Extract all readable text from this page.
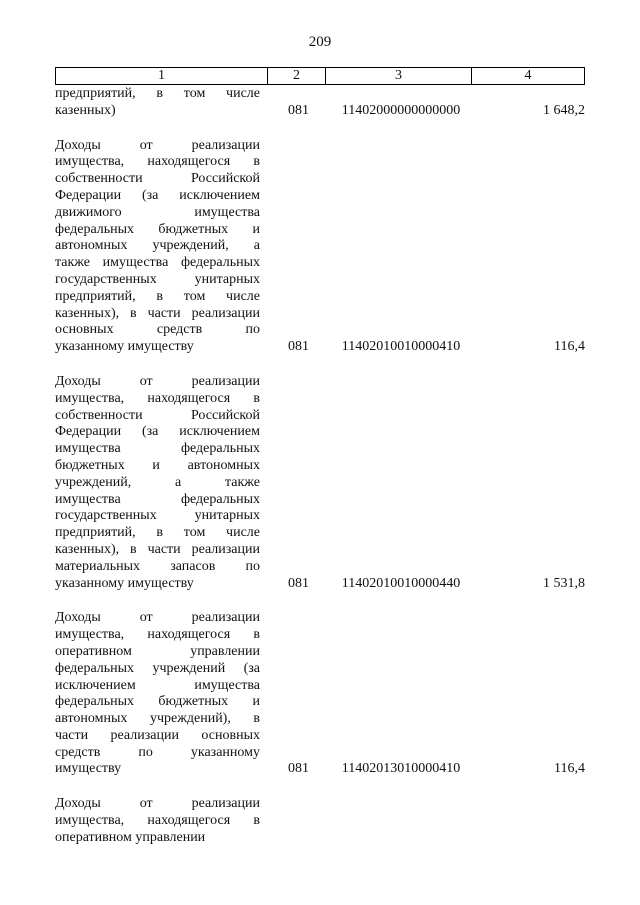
209
1	2	3	4
предприятий, в том числе
казенных)	081	11402000000000000	1 648,2
Доходы от реализации
имущества, находящегося в
собственности Российской
Федерации (за исключением
движимого имущества
федеральных бюджетных и
автономных учреждений, а
также имущества федеральных
государственных унитарных
предприятий, в том числе
казенных), в части реализации
основных средств по
указанному имуществу	081	11402010010000410	116,4
Доходы от реализации
имущества, находящегося в
собственности Российской
Федерации (за исключением
имущества федеральных
бюджетных и автономных
учреждений, а также
имущества федеральных
государственных унитарных
предприятий, в том числе
казенных), в части реализации
материальных запасов по
указанному имуществу	081	11402010010000440	1 531,8
Доходы от реализации
имущества, находящегося в
оперативном управлении
федеральных учреждений (за
исключением имущества
федеральных бюджетных и
автономных учреждений), в
части реализации основных
средств по указанному
имуществу	081	11402013010000410	116,4
Доходы от реализации
имущества, находящегося в
оперативном управлении
